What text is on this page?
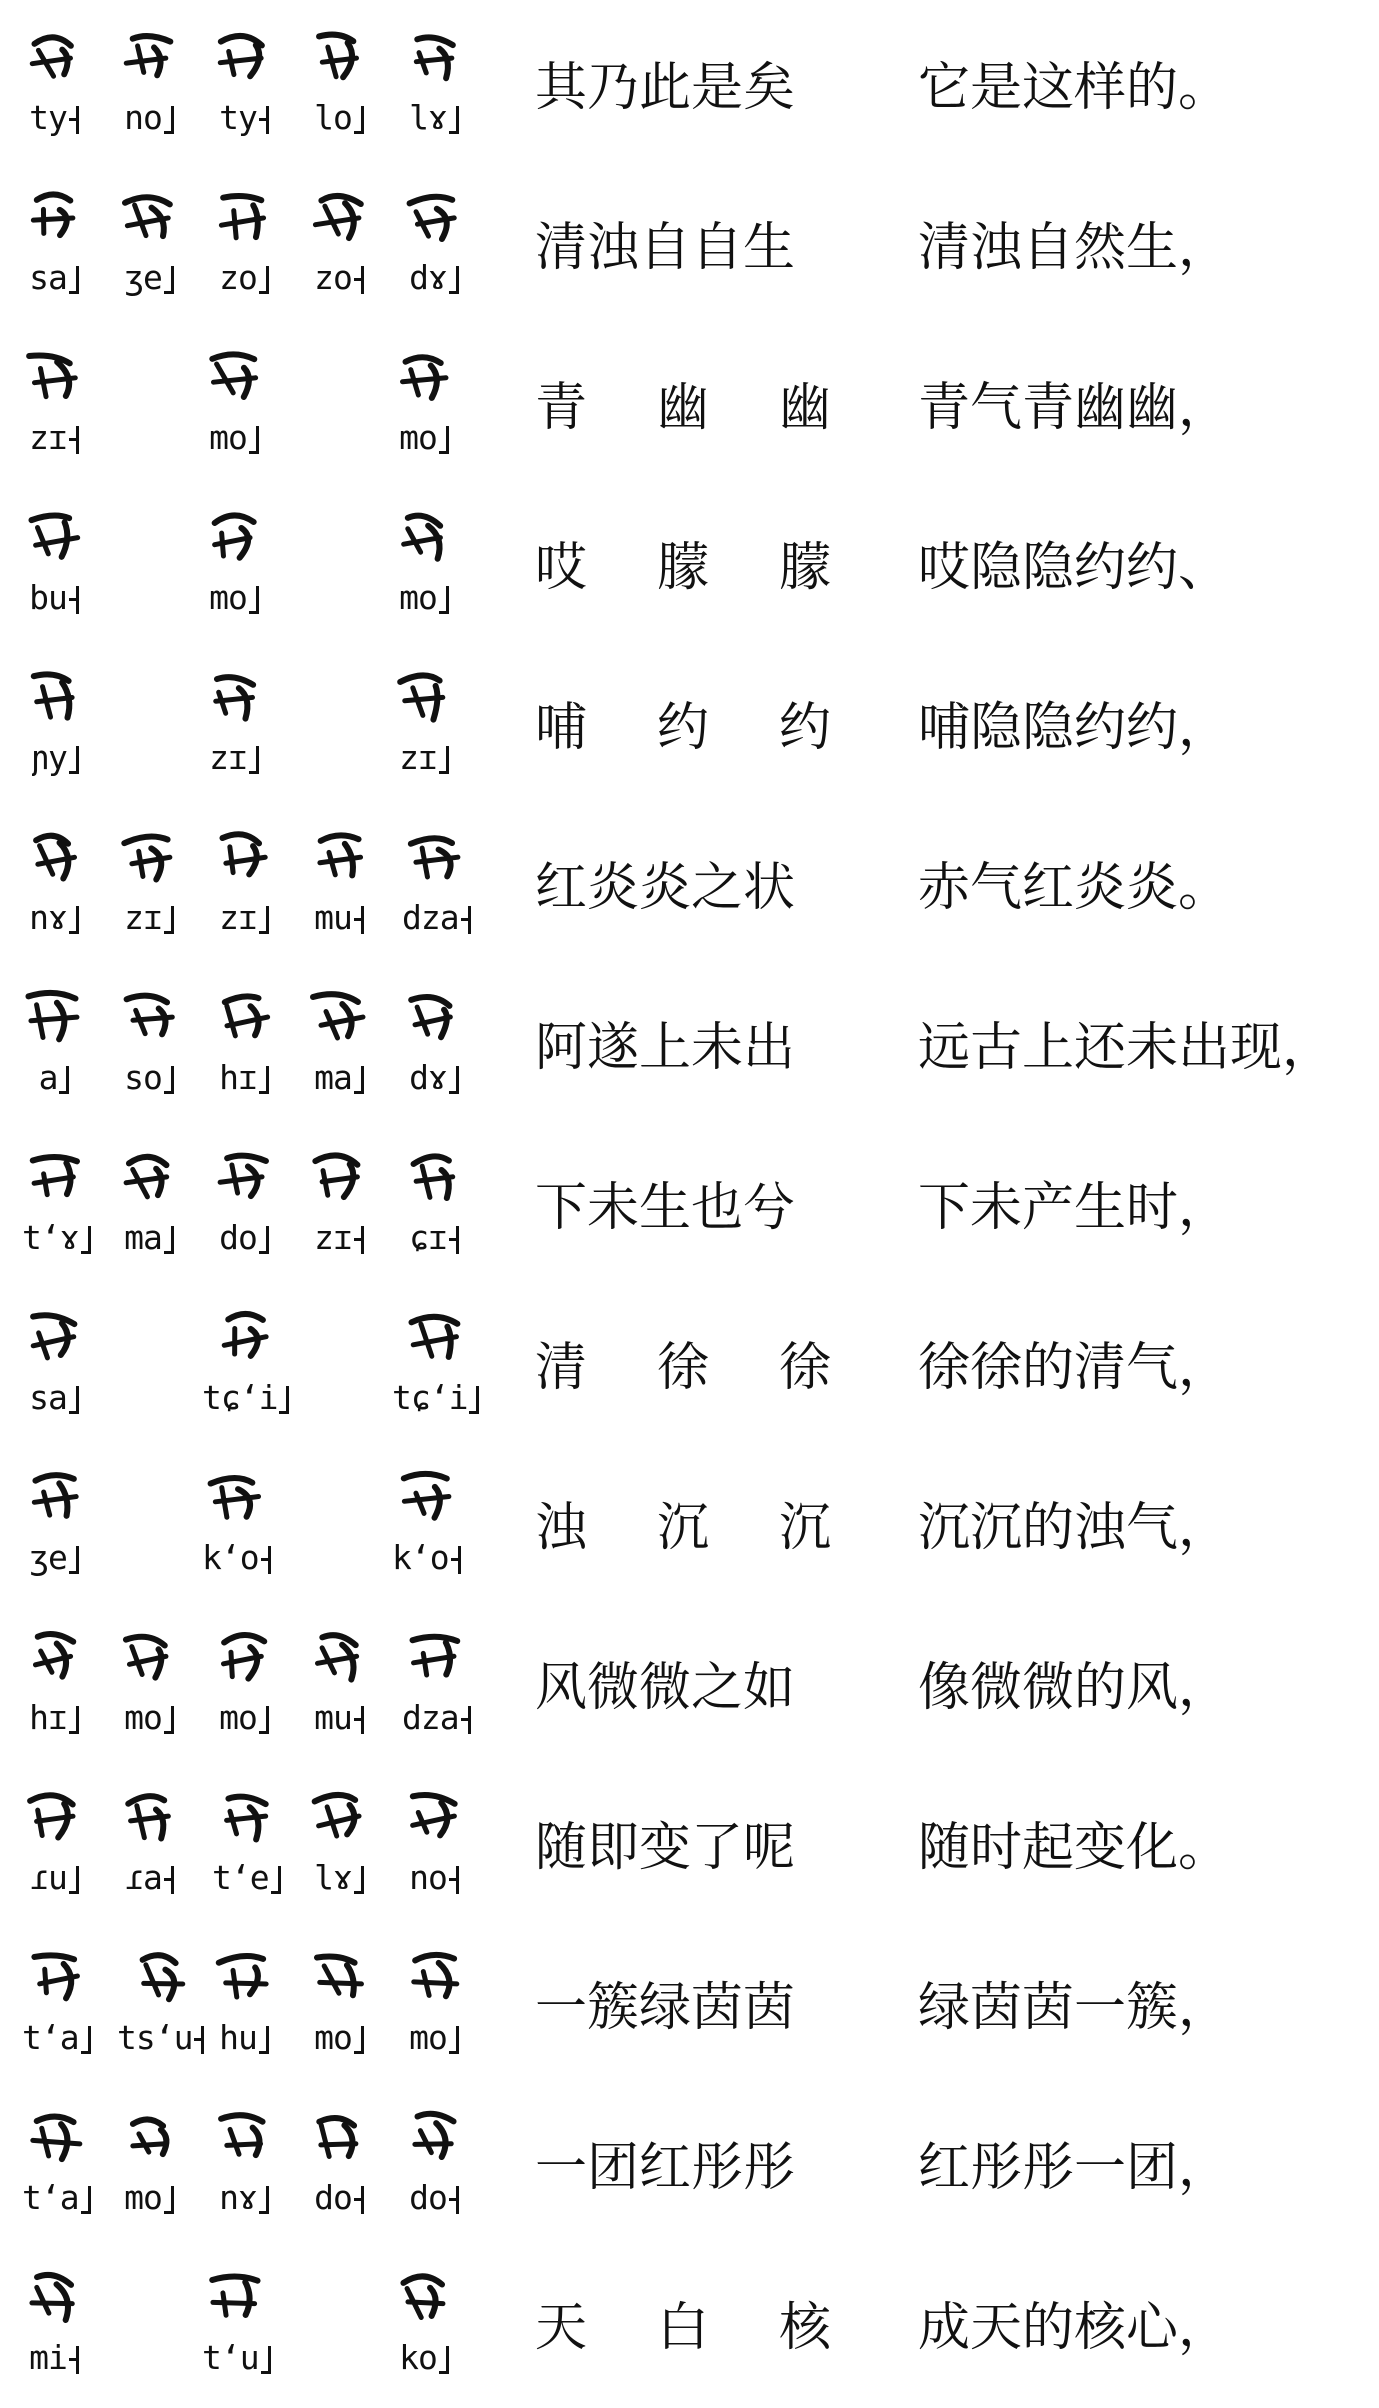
ty no ty lo lɤ 其乃此是矣	它是这样的。
sa ʒe zo zo dɤ 清浊自自生	清浊自然生，
zɪ	mo	mo 青 幽 幽 青气青幽幽，
bu	mo	mo 哎 朦 朦 哎隐隐约约、
ɲy	zɪ	zɪ 哺 约 约 哺隐隐约约，
nɤ zɪ zɪ mu dza 红炎炎之状	赤气红炎炎。
a so hɪ ma dɤ 阿遂上未出	远古上还未出现，
tʻɤ ma do zɪ ɕɪ 下未生也兮	下未产生时，
sa	tɕʻi	tɕʻi 清 徐 徐 徐徐的清气，
ʒe	kʻo	kʻo 浊 沉 沉 沉沉的浊气，
hɪ mo mo mu dza 风微微之如	像微微的风，
ɾu ɾa tʻe lɤ no 随即变了呢	随时起变化。
tʻa tsʻu hu mo mo 一簇绿茵茵	绿茵茵一簇，
tʻa mo nɤ do do 一团红彤彤	红彤彤一团，
mi	tʻu	ko 天 白 核 成天的核心，
